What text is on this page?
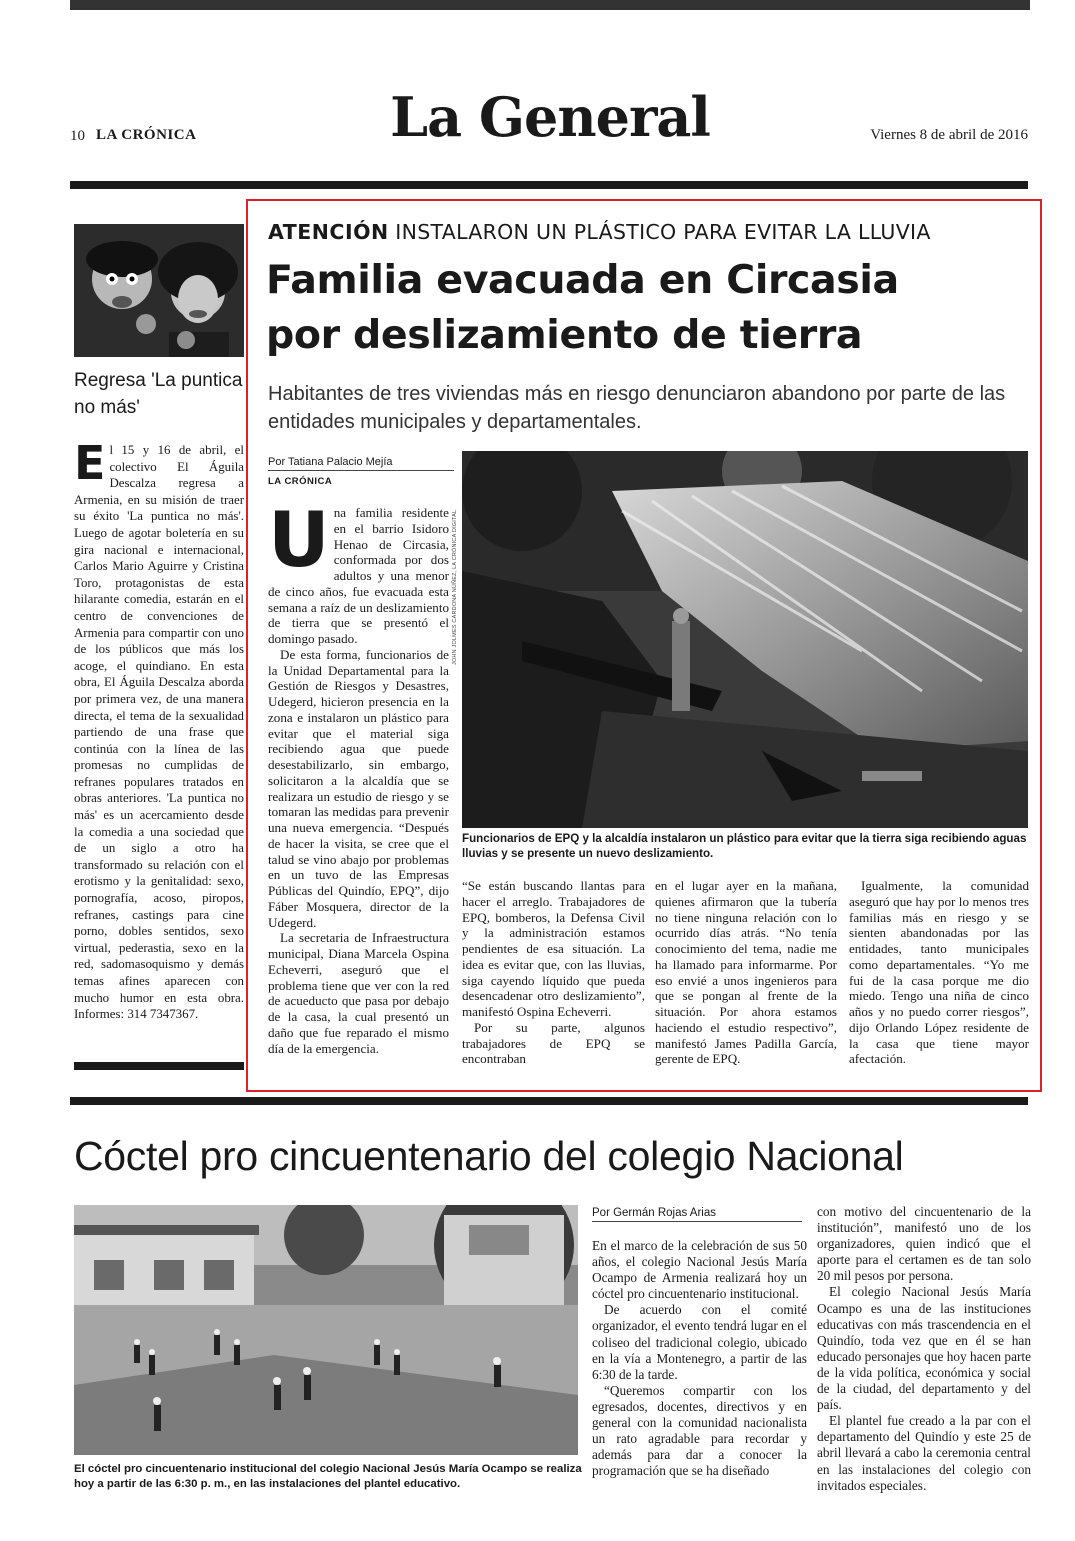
10 LA CRÓNICA	La General	Viernes 8 de abril de 2016
Regresa 'La puntica no más'
El 15 y 16 de abril, el colectivo El Águila Descalza regresa a Armenia, en su misión de traer su éxito 'La puntica no más'. Luego de agotar boletería en su gira nacional e internacional, Carlos Mario Aguirre y Cristina Toro, protagonistas de esta hilarante comedia, estarán en el centro de convenciones de Armenia para compartir con uno de los públicos que más los acoge, el quindiano. En esta obra, El Águila Descalza aborda por primera vez, de una manera directa, el tema de la sexualidad partiendo de una frase que continúa con la línea de las promesas no cumplidas de refranes populares tratados en obras anteriores. 'La puntica no más' es un acercamiento desde la comedia a una sociedad que de un siglo a otro ha transformado su relación con el erotismo y la genitalidad: sexo, pornografía, acoso, piropos, refranes, castings para cine porno, dobles sentidos, sexo virtual, pederastia, sexo en la red, sadomasoquismo y demás temas afines aparecen con mucho humor en esta obra. Informes: 314 7347367.
ATENCIÓN INSTALARON UN PLÁSTICO PARA EVITAR LA LLUVIA
Familia evacuada en Circasia
por deslizamiento de tierra
Habitantes de tres viviendas más en riesgo denunciaron abandono por parte de las entidades municipales y departamentales.
Por Tatiana Palacio Mejía
LA CRÓNICA

Una familia residente en el barrio Isidoro Henao de Circasia, conformada por dos adultos y una menor de cinco años, fue evacuada esta semana a raíz de un deslizamiento de tierra que se presentó el domingo pasado.

De esta forma, funcionarios de la Unidad Departamental para la Gestión de Riesgos y Desastres, Udegerd, hicieron presencia en la zona e instalaron un plástico para evitar que el material siga recibiendo agua que puede desestabilizarlo, sin embargo, solicitaron a la alcaldía que se realizara un estudio de riesgo y se tomaran las medidas para prevenir una nueva emergencia. “Después de hacer la visita, se cree que el talud se vino abajo por problemas en un tuvo de las Empresas Públicas del Quindío, EPQ”, dijo Fáber Mosquera, director de la Udegerd.

La secretaria de Infraestructura municipal, Diana Marcela Ospina Echeverri, aseguró que el problema tiene que ver con la red de acueducto que pasa por debajo de la casa, la cual presentó un daño que fue reparado el mismo día de la emergencia.

JOHN JOLMES CARDONA NÚÑEZ, LA CRÓNICA DIGITAL
Funcionarios de EPQ y la alcaldía instalaron un plástico para evitar que la tierra siga recibiendo aguas lluvias y se presente un nuevo deslizamiento.

“Se están buscando llantas para hacer el arreglo. Trabajadores de EPQ, bomberos, la Defensa Civil y la administración estamos pendientes de esa situación. La idea es evitar que, con las lluvias, siga cayendo líquido que pueda desencadenar otro deslizamiento”, manifestó Ospina Echeverri.

Por su parte, algunos trabajadores de EPQ se encontraban

en el lugar ayer en la mañana, quienes afirmaron que la tubería no tiene ninguna relación con lo ocurrido días atrás. “No tenía conocimiento del tema, nadie me ha llamado para informarme. Por eso envié a unos ingenieros para que se pongan al frente de la situación. Por ahora estamos haciendo el estudio respectivo”, manifestó James Padilla García, gerente de EPQ.

Igualmente, la comunidad aseguró que hay por lo menos tres familias más en riesgo y se sienten abandonadas por las entidades, tanto municipales como departamentales. “Yo me fui de la casa porque me dio miedo. Tengo una niña de cinco años y no puedo correr riesgos”, dijo Orlando López residente de la casa que tiene mayor afectación.

Cóctel pro cincuentenario del colegio Nacional
El cóctel pro cincuentenario institucional del colegio Nacional Jesús María Ocampo se realiza hoy a partir de las 6:30 p. m., en las instalaciones del plantel educativo.
Por Germán Rojas Arias

En el marco de la celebración de sus 50 años, el colegio Nacional Jesús María Ocampo de Armenia realizará hoy un cóctel pro cincuentenario institucional.

De acuerdo con el comité organizador, el evento tendrá lugar en el coliseo del tradicional colegio, ubicado en la vía a Montenegro, a partir de las 6:30 de la tarde.

“Queremos compartir con los egresados, docentes, directivos y en general con la comunidad nacionalista un rato agradable para recordar y además para dar a conocer la programación que se ha diseñado

con motivo del cincuentenario de la institución”, manifestó uno de los organizadores, quien indicó que el aporte para el certamen es de tan solo 20 mil pesos por persona.

El colegio Nacional Jesús María Ocampo es una de las instituciones educativas con más trascendencia en el Quindío, toda vez que en él se han educado personajes que hoy hacen parte de la vida política, económica y social de la ciudad, del departamento y del país.

El plantel fue creado a la par con el departamento del Quindío y este 25 de abril llevará a cabo la ceremonia central en las instalaciones del colegio con invitados especiales.
